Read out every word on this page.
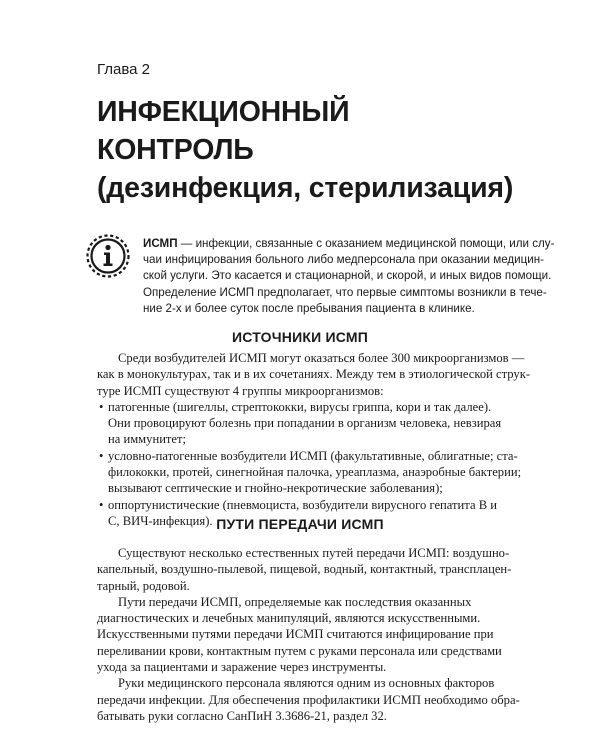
Глава 2
ИНФЕКЦИОННЫЙ
КОНТРОЛЬ
(дезинфекция, стерилизация)
ИСМП — инфекции, связанные с оказанием медицинской помощи, или слу-
чаи инфицирования больного либо медперсонала при оказании медицин-
ской услуги. Это касается и стационарной, и скорой, и иных видов помощи.
Определение ИСМП предполагает, что первые симптомы возникли в тече-
ние 2-х и более суток после пребывания пациента в клинике.
ИСТОЧНИКИ ИСМП
Среди возбудителей ИСМП могут оказаться более 300 микроорганизмов —
как в монокультурах, так и в их сочетаниях. Между тем в этиологической струк-
туре ИСМП существуют 4 группы микроорганизмов:
• патогенные (шигеллы, стрептококки, вирусы гриппа, кори и так далее).
Они провоцируют болезнь при попадании в организм человека, невзирая
на иммунитет;
• условно-патогенные возбудители ИСМП (факультативные, облигатные; ста-
филококки, протей, синегнойная палочка, уреаплазма, анаэробные бактерии;
вызывают септические и гнойно-некротические заболевания);
• оппортунистические (пневмоциста, возбудители вирусного гепатита В и
С, ВИЧ-инфекция). ПУТИ ПЕРЕДАЧИ ИСМП
Существуют несколько естественных путей передачи ИСМП: воздушно-
капельный, воздушно-пылевой, пищевой, водный, контактный, трансплацен-
тарный, родовой.
Пути передачи ИСМП, определяемые как последствия оказанных
диагностических и лечебных манипуляций, являются искусственными.
Искусственными путями передачи ИСМП считаются инфицирование при
переливании крови, контактным путем с руками персонала или средствами
ухода за пациентами и заражение через инструменты.
Руки медицинского персонала являются одним из основных факторов
передачи инфекции. Для обеспечения профилактики ИСМП необходимо обра-
батывать руки согласно СанПиН 3.3686-21, раздел 32.
